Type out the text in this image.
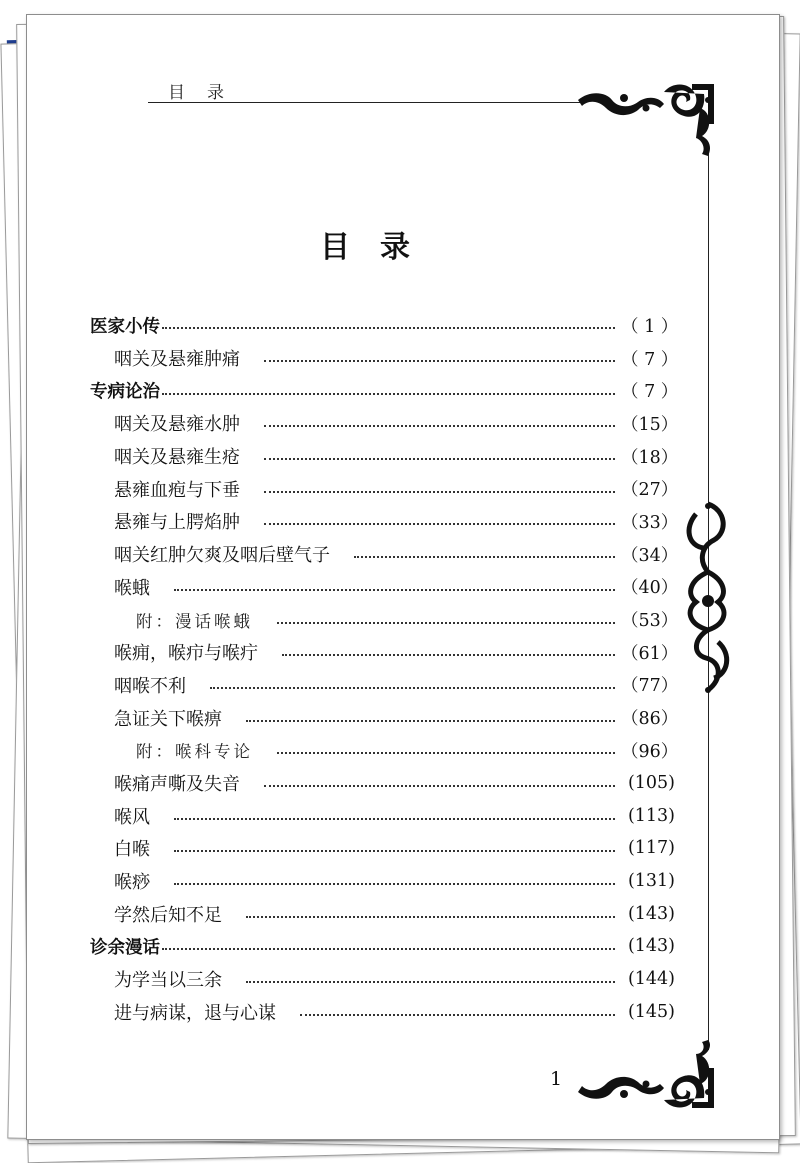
目录
目录
医家小传	（ 1 ）
咽关及悬雍肿痛	（ 7 ）
专病论治	（ 7 ）
咽关及悬雍水肿	（15）
咽关及悬雍生疮	（18）
悬雍血疱与下垂	（27）
悬雍与上腭焰肿	（33）
咽关红肿欠爽及咽后壁气子	（34）
喉蛾	（40）
附：漫话喉蛾	（53）
喉痈，喉疖与喉疔	（61）
咽喉不利	（77）
急证关下喉痹	（86）
附：喉科专论	（96）
喉痛声嘶及失音	(105)
喉风	(113)
白喉	(117)
喉痧	(131)
学然后知不足	(143)
诊余漫话	(143)
为学当以三余	(144)
进与病谋，退与心谋	(145)
1
